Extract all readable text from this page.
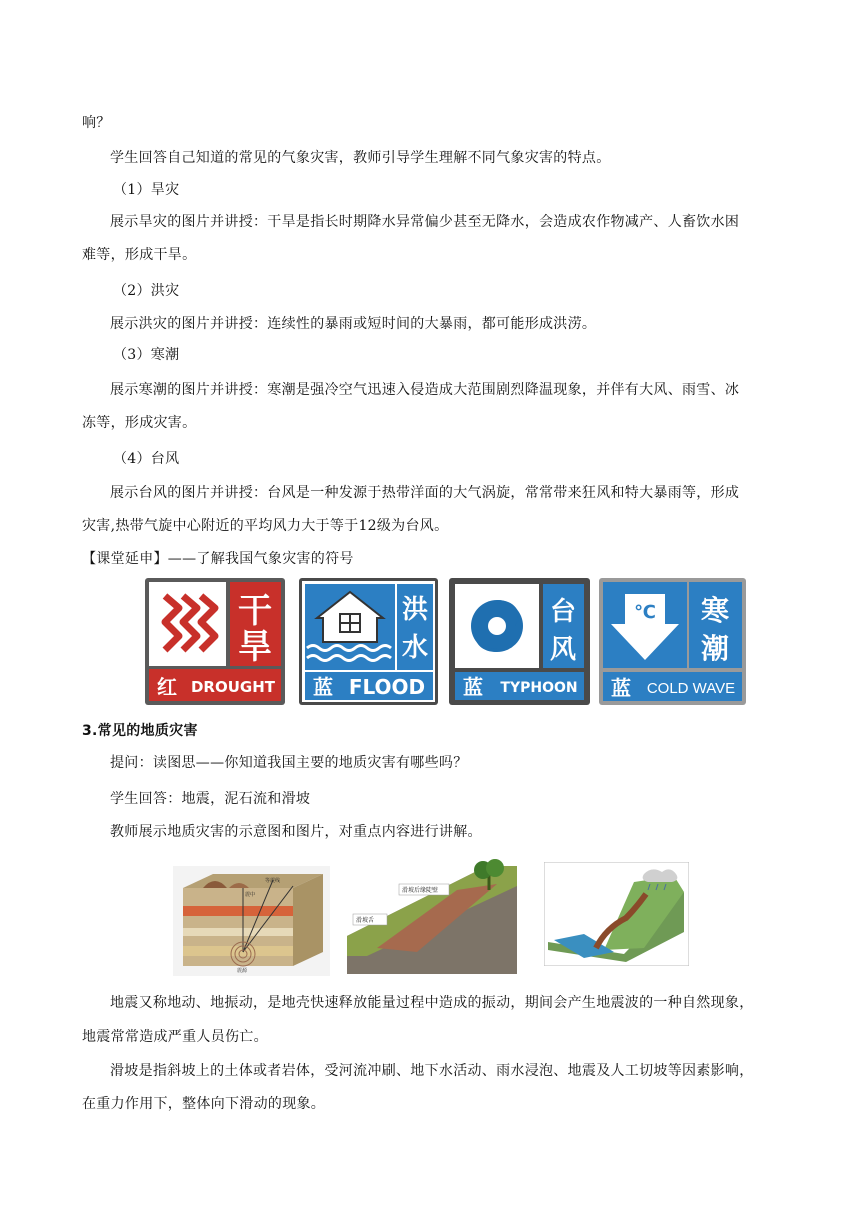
响？
学生回答自己知道的常见的气象灾害，教师引导学生理解不同气象灾害的特点。
（1）旱灾
展示旱灾的图片并讲授：干旱是指长时期降水异常偏少甚至无降水，会造成农作物减产、人畜饮水困
难等，形成干旱。
（2）洪灾
展示洪灾的图片并讲授：连续性的暴雨或短时间的大暴雨，都可能形成洪涝。
（3）寒潮
展示寒潮的图片并讲授：寒潮是强冷空气迅速入侵造成大范围剧烈降温现象，并伴有大风、雨雪、冰
冻等，形成灾害。
（4）台风
展示台风的图片并讲授：台风是一种发源于热带洋面的大气涡旋，常常带来狂风和特大暴雨等，形成
灾害,热带气旋中心附近的平均风力大于等于12级为台风。
【课堂延申】——了解我国气象灾害的符号
干
旱
红 DROUGHT
洪
水
蓝 FLOOD
台
风
蓝 TYPHOON
℃ 寒
潮
蓝 COLD WAVE
3.常见的地质灾害
提问：读图思——你知道我国主要的地质灾害有哪些吗？
学生回答：地震，泥石流和滑坡
教师展示地质灾害的示意图和图片，对重点内容进行讲解。
等震线
震中
震源
滑坡后缘陡壁
滑坡舌
地震又称地动、地振动，是地壳快速释放能量过程中造成的振动，期间会产生地震波的一种自然现象，
地震常常造成严重人员伤亡。
滑坡是指斜坡上的土体或者岩体，受河流冲刷、地下水活动、雨水浸泡、地震及人工切坡等因素影响，
在重力作用下，整体向下滑动的现象。
